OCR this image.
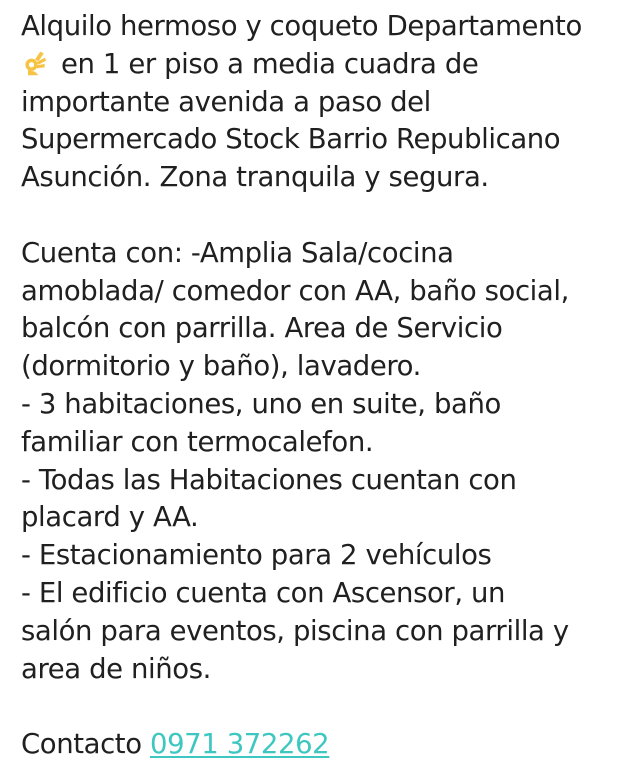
Alquilo hermoso y coqueto Departamento
en 1 er piso a media cuadra de
importante avenida a paso del
Supermercado Stock Barrio Republicano
Asunción. Zona tranquila y segura.
Cuenta con: -Amplia Sala/cocina
amoblada/ comedor con AA, baño social,
balcón con parrilla. Area de Servicio
(dormitorio y baño), lavadero.
- 3 habitaciones, uno en suite, baño
familiar con termocalefon.
- Todas las Habitaciones cuentan con
placard y AA.
- Estacionamiento para 2 vehículos
- El edificio cuenta con Ascensor, un
salón para eventos, piscina con parrilla y
area de niños.
Contacto 0971 372262
